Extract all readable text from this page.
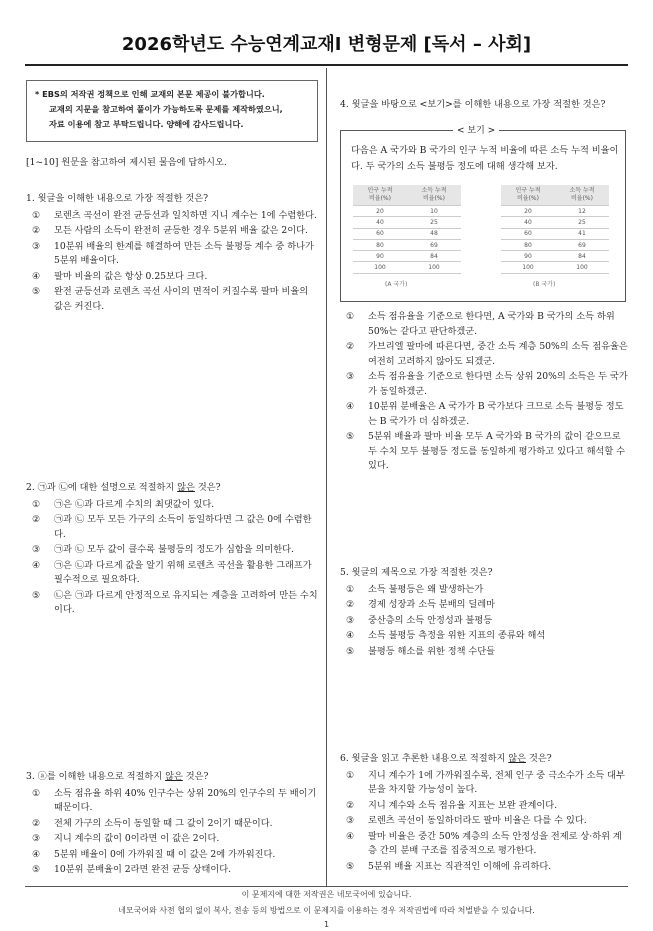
2026학년도 수능연계교재Ⅰ 변형문제 [독서 – 사회]
* EBS의 저작권 정책으로 인해 교재의 본문 제공이 불가합니다.
교재의 지문을 참고하여 풀이가 가능하도록 문제를 제작하였으니,
자료 이용에 참고 부탁드립니다. 양해에 감사드립니다.
[1~10] 원문을 참고하여 제시된 물음에 답하시오.
1. 윗글을 이해한 내용으로 가장 적절한 것은?
①	로렌츠 곡선이 완전 균등선과 일치하면 지니 계수는 1에 수렴한다.
②	모든 사람의 소득이 완전히 균등한 경우 5분위 배율 값은 2이다.
③	10분위 배율의 한계를 해결하여 만든 소득 불평등 계수 중 하나가 5분위 배율이다.
④	팔마 비율의 값은 항상 0.25보다 크다.
⑤	완전 균등선과 로렌츠 곡선 사이의 면적이 커질수록 팔마 비율의 값은 커진다.
2. ㉠과 ㉡에 대한 설명으로 적절하지 않은 것은?
①	㉠은 ㉡과 다르게 수치의 최댓값이 있다.
②	㉠과 ㉡ 모두 모든 가구의 소득이 동일하다면 그 값은 0에 수렴한다.
③	㉠과 ㉡ 모두 값이 클수록 불평등의 정도가 심함을 의미한다.
④	㉠은 ㉡과 다르게 값을 알기 위해 로렌츠 곡선을 활용한 그래프가 필수적으로 필요하다.
⑤	㉡은 ㉠과 다르게 안정적으로 유지되는 계층을 고려하여 만든 수치이다.
3. ⓐ를 이해한 내용으로 적절하지 않은 것은?
①	소득 점유율 하위 40% 인구수는 상위 20%의 인구수의 두 배이기 때문이다.
②	전체 가구의 소득이 동일할 때 그 값이 2이기 때문이다.
③	지니 계수의 값이 0이라면 이 값은 2이다.
④	5분위 배율이 0에 가까워질 때 이 값은 2에 가까워진다.
⑤	10분위 분배율이 2라면 완전 균등 상태이다.
4. 윗글을 바탕으로 <보기>를 이해한 내용으로 가장 적절한 것은?
< 보기 >
다음은 A 국가와 B 국가의 인구 누적 비율에 따른 소득 누적 비율이다. 두 국가의 소득 불평등 정도에 대해 생각해 보자.
인구 누적
비율(%)	소득 누적
비율(%)
20	10
40	25
60	48
80	69
90	84
100	100
(A 국가)
인구 누적
비율(%)	소득 누적
비율(%)
20	12
40	25
60	41
80	69
90	84
100	100
(B 국가)
①	소득 점유율을 기준으로 한다면, A 국가와 B 국가의 소득 하위 50%는 같다고 판단하겠군.
②	가브리엘 팔마에 따른다면, 중간 소득 계층 50%의 소득 점유율은 여전히 고려하지 않아도 되겠군.
③	소득 점유율을 기준으로 한다면 소득 상위 20%의 소득은 두 국가가 동일하겠군.
④	10분위 분배율은 A 국가가 B 국가보다 크므로 소득 불평등 정도는 B 국가가 더 심하겠군.
⑤	5분위 배율과 팔마 비율 모두 A 국가와 B 국가의 값이 같으므로 두 수치 모두 불평등 정도를 동일하게 평가하고 있다고 해석할 수 있다.
5. 윗글의 제목으로 가장 적절한 것은?
①	소득 불평등은 왜 발생하는가
②	경제 성장과 소득 분배의 딜레마
③	중산층의 소득 안정성과 불평등
④	소득 불평등 측정을 위한 지표의 종류와 해석
⑤	불평등 해소를 위한 정책 수단들
6. 윗글을 읽고 추론한 내용으로 적절하지 않은 것은?
①	지니 계수가 1에 가까워질수록, 전체 인구 중 극소수가 소득 대부분을 차지할 가능성이 높다.
②	지니 계수와 소득 점유율 지표는 보완 관계이다.
③	로렌츠 곡선이 동일하더라도 팔마 비율은 다를 수 있다.
④	팔마 비율은 중간 50% 계층의 소득 안정성을 전제로 상·하위 계층 간의 분배 구조를 집중적으로 평가한다.
⑤	5분위 배율 지표는 직관적인 이해에 유리하다.
이 문제지에 대한 저작권은 네모국어에 있습니다.
네모국어와 사전 협의 없이 복사, 전송 등의 방법으로 이 문제지를 이용하는 경우 저작권법에 따라 처벌받을 수 있습니다.
1
